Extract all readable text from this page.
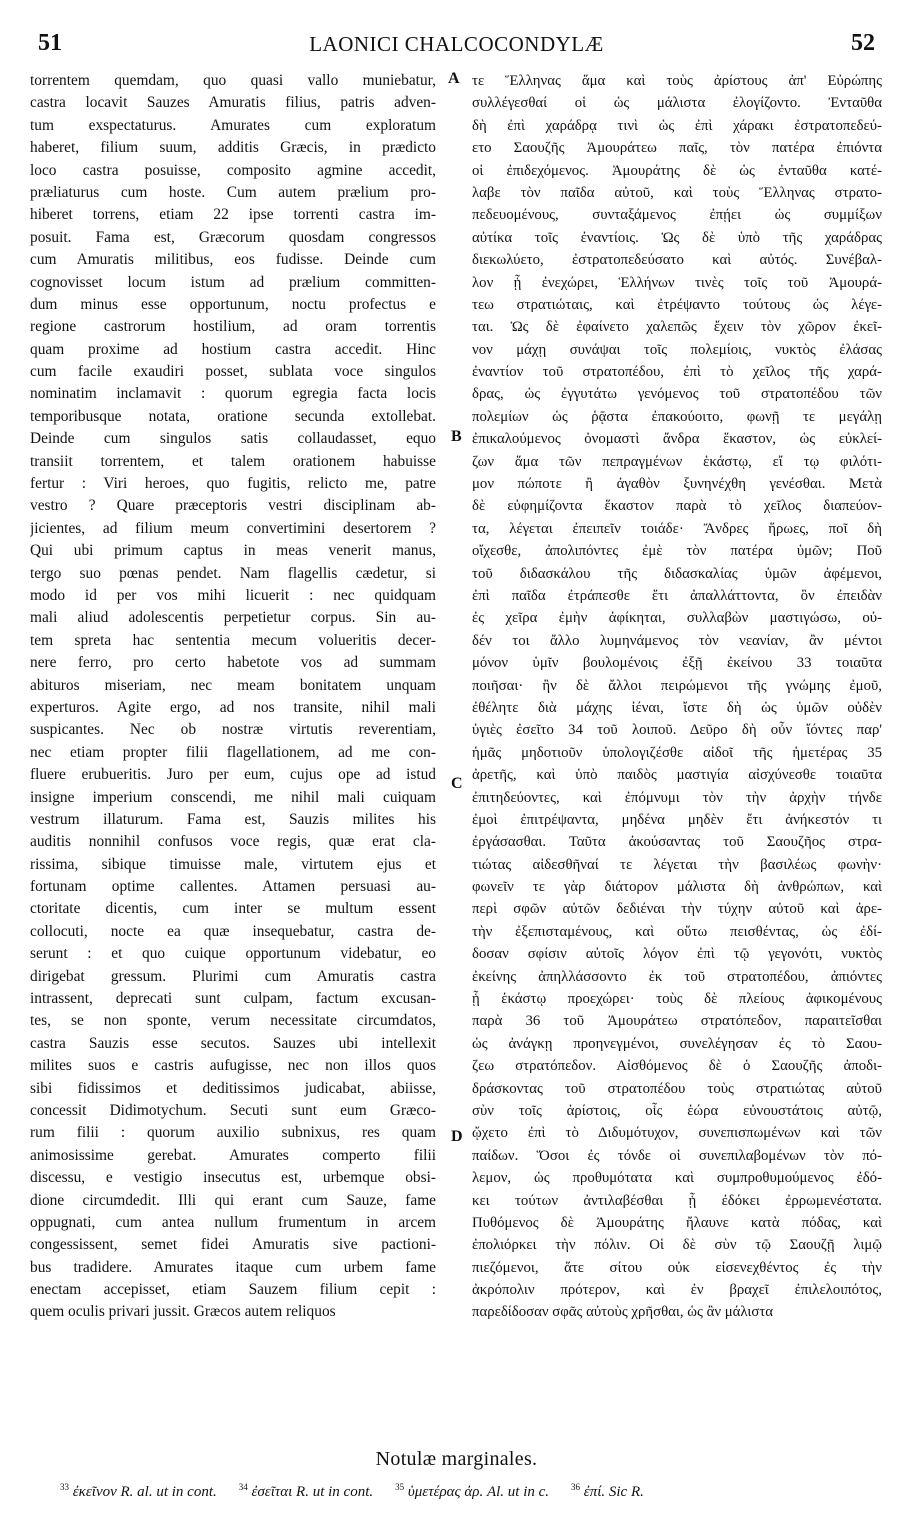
51	LAONICI CHALCOCONDYLÆ	52
torrentem quemdam, quo quasi vallo muniebatur,
castra locavit Sauzes Amuratis filius, patris adven-
tum exspectaturus. Amurates cum exploratum
haberet, filium suum, additis Græcis, in prædicto
loco castra posuisse, composito agmine accedit,
præliaturus cum hoste. Cum autem prælium pro-
hiberet torrens, etiam 22 ipse torrenti castra im-
posuit. Fama est, Græcorum quosdam congressos
cum Amuratis militibus, eos fudisse. Deinde cum
cognovisset locum istum ad prælium committen-
dum minus esse opportunum, noctu profectus e
regione castrorum hostilium, ad oram torrentis
quam proxime ad hostium castra accedit. Hinc
cum facile exaudiri posset, sublata voce singulos
nominatim inclamavit : quorum egregia facta locis
temporibusque notata, oratione secunda extollebat.
Deinde cum singulos satis collaudasset, equo
transiit torrentem, et talem orationem habuisse
fertur : Viri heroes, quo fugitis, relicto me, patre
vestro ? Quare præceptoris vestri disciplinam ab-
jicientes, ad filium meum convertimini desertorem ?
Qui ubi primum captus in meas venerit manus,
tergo suo pœnas pendet. Nam flagellis cædetur, si
modo id per vos mihi licuerit : nec quidquam
mali aliud adolescentis perpetietur corpus. Sin au-
tem spreta hac sententia mecum volueritis decer-
nere ferro, pro certo habetote vos ad summam
abituros miseriam, nec meam bonitatem unquam
experturos. Agite ergo, ad nos transite, nihil mali
suspicantes. Nec ob nostræ virtutis reverentiam,
nec etiam propter filii flagellationem, ad me con-
fluere erubueritis. Juro per eum, cujus ope ad istud
insigne imperium conscendi, me nihil mali cuiquam
vestrum illaturum. Fama est, Sauzis milites his
auditis nonnihil confusos voce regis, quæ erat cla-
rissima, sibique timuisse male, virtutem ejus et
fortunam optime callentes. Attamen persuasi au-
ctoritate dicentis, cum inter se multum essent
collocuti, nocte ea quæ insequebatur, castra de-
serunt : et quo cuique opportunum videbatur, eo
dirigebat gressum. Plurimi cum Amuratis castra
intrassent, deprecati sunt culpam, factum excusan-
tes, se non sponte, verum necessitate circumdatos,
castra Sauzis esse secutos. Sauzes ubi intellexit
milites suos e castris aufugisse, nec non illos quos
sibi fidissimos et deditissimos judicabat, abiisse,
concessit Didimotychum. Secuti sunt eum Græco-
rum filii : quorum auxilio subnixus, res quam
animosissime gerebat. Amurates comperto filii
discessu, e vestigio insecutus est, urbemque obsi-
dione circumdedit. Illi qui erant cum Sauze, fame
oppugnati, cum antea nullum frumentum in arcem
congessissent, semet fidei Amuratis sive pactioni-
bus tradidere. Amurates itaque cum urbem fame
enectam accepisset, etiam Sauzem filium cepit :
quem oculis privari jussit. Græcos autem reliquos
τε Ἕλληνας ἅμα καὶ τοὺς ἀρίστους ἀπ' Εὐρώπης
συλλέγεσθαί οἱ ὡς μάλιστα ἐλογίζοντο. Ἐνταῦθα
δὴ ἐπὶ χαράδρᾳ τινὶ ὡς ἐπὶ χάρακι ἐστρατοπεδεύ-
ετο Σαουζῆς Ἀμουράτεω παῖς, τὸν πατέρα ἐπιόντα
οἱ ἐπιδεχόμενος. Ἀμουράτης δὲ ὡς ἐνταῦθα κατέ-
λαβε τὸν παῖδα αὐτοῦ, καὶ τοὺς Ἕλληνας στρατο-
πεδευομένους, συνταξάμενος ἐπῄει ὡς συμμίξων
αὐτίκα τοῖς ἐναντίοις. Ὡς δὲ ὑπὸ τῆς χαράδρας
διεκωλύετο, ἐστρατοπεδεύσατο καὶ αὐτός. Συνέβαλ-
λον ᾗ ἐνεχώρει, Ἑλλήνων τινὲς τοῖς τοῦ Ἀμουρά-
τεω στρατιώταις, καὶ ἐτρέψαντο τούτους ὡς λέγε-
ται. Ὡς δὲ ἐφαίνετο χαλεπῶς ἔχειν τὸν χῶρον ἐκεῖ-
νον μάχῃ συνάψαι τοῖς πολεμίοις, νυκτὸς ἐλάσας
ἐναντίον τοῦ στρατοπέδου, ἐπὶ τὸ χεῖλος τῆς χαρά-
δρας, ὡς ἐγγυτάτω γενόμενος τοῦ στρατοπέδου τῶν
πολεμίων ὡς ῥᾷστα ἐπακούοιτο, φωνῇ τε μεγάλῃ
ἐπικαλούμενος ὀνομαστὶ ἄνδρα ἕκαστον, ὡς εὐκλεί-
ζων ἅμα τῶν πεπραγμένων ἑκάστῳ, εἴ τῳ φιλότι-
μον πώποτε ἢ ἀγαθὸν ξυνηνέχθη γενέσθαι. Μετὰ
δὲ εὐφημίζοντα ἕκαστον παρὰ τὸ χεῖλος διαπεύον-
τα, λέγεται ἐπειπεῖν τοιάδε· Ἄνδρες ἥρωες, ποῖ δὴ
οἴχεσθε, ἀπολιπόντες ἐμὲ τὸν πατέρα ὑμῶν; Ποῦ
τοῦ διδασκάλου τῆς διδασκαλίας ὑμῶν ἀφέμενοι,
ἐπὶ παῖδα ἐτράπεσθε ἔτι ἀπαλλάττοντα, ὃν ἐπειδὰν
ἐς χεῖρα ἐμὴν ἀφίκηται, συλλαβὼν μαστιγώσω, οὐ-
δέν τοι ἄλλο λυμηνάμενος τὸν νεανίαν, ἂν μέντοι
μόνον ὑμῖν βουλομένοις ἐξῇ ἐκείνου 33 τοιαῦτα
ποιῆσαι· ἢν δὲ ἄλλοι πειρώμενοι τῆς γνώμης ἐμοῦ,
ἐθέλητε διὰ μάχης ἰέναι, ἴστε δὴ ὡς ὑμῶν οὐδὲν
ὑγιὲς ἐσεῖτο 34 τοῦ λοιποῦ. Δεῦρο δὴ οὖν ἴόντες παρ'
ἡμᾶς μηδοτιοῦν ὑπολογιζέσθε αἰδοῖ τῆς ἡμετέρας 35
ἀρετῆς, καὶ ὑπὸ παιδὸς μαστιγία αἰσχύνεσθε τοιαῦτα
ἐπιτηδεύοντες, καὶ ἐπόμνυμι τὸν τὴν ἀρχὴν τήνδε
ἐμοὶ ἐπιτρέψαντα, μηδένα μηδὲν ἔτι ἀνήκεστόν τι
ἐργάσασθαι. Ταῦτα ἀκούσαντας τοῦ Σαουζῆος στρα-
τιώτας αἰδεσθῆναί τε λέγεται τὴν βασιλέως φωνὴν·
φωνεῖν τε γὰρ διάτορον μάλιστα δὴ ἀνθρώπων, καὶ
περὶ σφῶν αὐτῶν δεδιέναι τὴν τύχην αὐτοῦ καὶ ἀρε-
τὴν ἐξεπισταμένους, καὶ οὕτω πεισθέντας, ὡς ἐδί-
δοσαν σφίσιν αὐτοῖς λόγον ἐπὶ τῷ γεγονότι, νυκτὸς
ἐκείνης ἀπηλλάσσοντο ἐκ τοῦ στρατοπέδου, ἀπιόντες
ᾗ ἑκάστῳ προεχώρει· τοὺς δὲ πλείους ἀφικομένους
παρὰ 36 τοῦ Ἀμουράτεω στρατόπεδον, παραιτεῖσθαι
ὡς ἀνάγκῃ προηνεγμένοι, συνελέγησαν ἐς τὸ Σαου-
ζεω στρατόπεδον. Αἰσθόμενος δὲ ὁ Σαουζῆς ἀποδι-
δράσκοντας τοῦ στρατοπέδου τοὺς στρατιώτας αὐτοῦ
σὺν τοῖς ἀρίστοις, οἷς ἑώρα εὐνουστάτοις αὐτῷ,
ᾤχετο ἐπὶ τὸ Διδυμότυχον, συνεπισπωμένων καὶ τῶν
παίδων. Ὅσοι ἐς τόνδε οἱ συνεπιλαβομένων τὸν πό-
λεμον, ὡς προθυμότατα καὶ συμπροθυμούμενος ἐδό-
κει τούτων ἀντιλαβέσθαι ᾗ ἐδόκει ἐρρωμενέστατα.
Πυθόμενος δὲ Ἀμουράτης ἤλαυνε κατὰ πόδας, καὶ
ἐπολιόρκει τὴν πόλιν. Οἱ δὲ σὺν τῷ Σαουζῇ λιμῷ
πιεζόμενοι, ἅτε σίτου οὐκ εἰσενεχθέντος ἐς τὴν
ἀκρόπολιν πρότερον, καὶ ἐν βραχεῖ ἐπιλελοιπότος,
παρεδίδοσαν σφᾶς αὐτοὺς χρῆσθαι, ὡς ἂν μάλιστα
A
B
C
D
Notulæ marginales.
$^{33}$ ἐκεῖνον R. al. ut in cont. $^{34}$ ἐσεῖται R. ut in cont. $^{35}$ ὑμετέρας ἀρ. Al. ut in c. $^{36}$ ἐπί. Sic R.
